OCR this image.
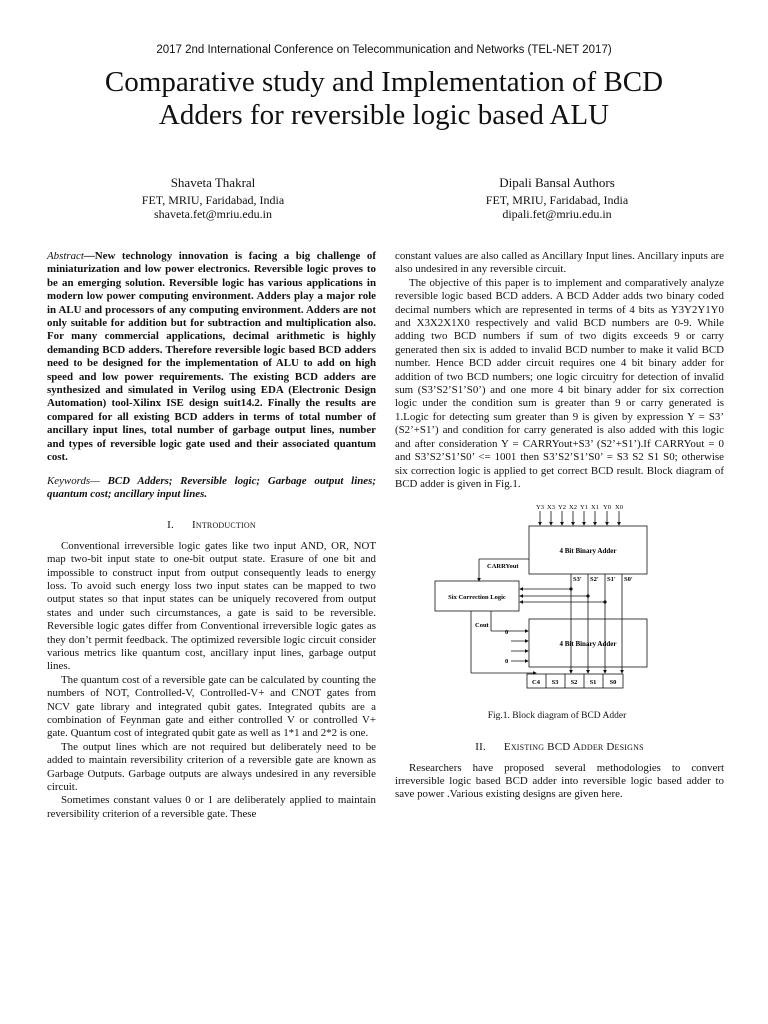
2017 2nd International Conference on Telecommunication and Networks (TEL-NET 2017)
Comparative study and Implementation of BCD
Adders for reversible logic based ALU
Shaveta Thakral
FET, MRIU, Faridabad, India
shaveta.fet@mriu.edu.in
Dipali Bansal Authors
FET, MRIU, Faridabad, India
dipali.fet@mriu.edu.in

Abstract—New technology innovation is facing a big challenge of miniaturization and low power electronics. Reversible logic proves to be an emerging solution. Reversible logic has various applications in modern low power computing environment. Adders play a major role in ALU and processors of any computing environment. Adders are not only suitable for addition but for subtraction and multiplication also. For many commercial applications, decimal arithmetic is highly demanding BCD adders. Therefore reversible logic based BCD adders need to be designed for the implementation of ALU to add on high speed and low power requirements. The existing BCD adders are synthesized and simulated in Verilog using EDA (Electronic Design Automation) tool-Xilinx ISE design suit14.2. Finally the results are compared for all existing BCD adders in terms of total number of ancillary input lines, total number of garbage output lines, number and types of reversible logic gate used and their associated quantum cost.

Keywords— BCD Adders; Reversible logic; Garbage output lines; quantum cost; ancillary input lines.

I. Introduction

Conventional irreversible logic gates like two input AND, OR, NOT map two-bit input state to one-bit output state. Erasure of one bit and impossible to construct input from output consequently leads to energy loss. To avoid such energy loss two input states can be mapped to two output states so that input states can be uniquely recovered from output states and under such circumstances, a gate is said to be reversible. Reversible logic gates differ from Conventional irreversible logic gates as they don’t permit feedback. The optimized reversible logic circuit consider various metrics like quantum cost, ancillary input lines, garbage output lines.

The quantum cost of a reversible gate can be calculated by counting the numbers of NOT, Controlled-V, Controlled-V+ and CNOT gates from NCV gate library and integrated qubit gates. Integrated qubits are a combination of Feynman gate and either controlled V or controlled V+ gate. Quantum cost of integrated qubit gate as well as 1*1 and 2*2 is one.

The output lines which are not required but deliberately need to be added to maintain reversibility criterion of a reversible gate are known as Garbage Outputs. Garbage outputs are always undesired in any reversible circuit.

Sometimes constant values 0 or 1 are deliberately applied to maintain reversibility criterion of a reversible gate. These

constant values are also called as Ancillary Input lines. Ancillary inputs are also undesired in any reversible circuit.

The objective of this paper is to implement and comparatively analyze reversible logic based BCD adders. A BCD Adder adds two binary coded decimal numbers which are represented in terms of 4 bits as Y3Y2Y1Y0 and X3X2X1X0 respectively and valid BCD numbers are 0-9. While adding two BCD numbers if sum of two digits exceeds 9 or carry generated then six is added to invalid BCD number to make it valid BCD number. Hence BCD adder circuit requires one 4 bit binary adder for addition of two BCD numbers; one logic circuitry for detection of invalid sum (S3’S2’S1’S0’) and one more 4 bit binary adder for six correction logic under the condition sum is greater than 9 or carry generated is 1.Logic for detecting sum greater than 9 is given by expression Y = S3’ (S2’+S1’) and condition for carry generated is also added with this logic and after consideration Y = CARRYout+S3’ (S2’+S1’).If CARRYout = 0 and S3’S2’S1’S0’ <= 1001 then S3’S2’S1’S0’ = S3 S2 S1 S0; otherwise six correction logic is applied to get correct BCD result. Block diagram of BCD adder is given in Fig.1.

Y3 X3 Y2 X2 Y1 X1 Y0 X0
4 Bit Binary Adder
4 Bit Binary Adder
Six Correction Logic
CARRYout
Cout
S3' S2' S1' S0'
0
0
C4 S3 S2 S1 S0
Fig.1. Block diagram of BCD Adder
II. Existing BCD Adder Designs

Researchers have proposed several methodologies to convert irreversible logic based BCD adder into reversible logic based adder to save power .Various existing designs are given here.
